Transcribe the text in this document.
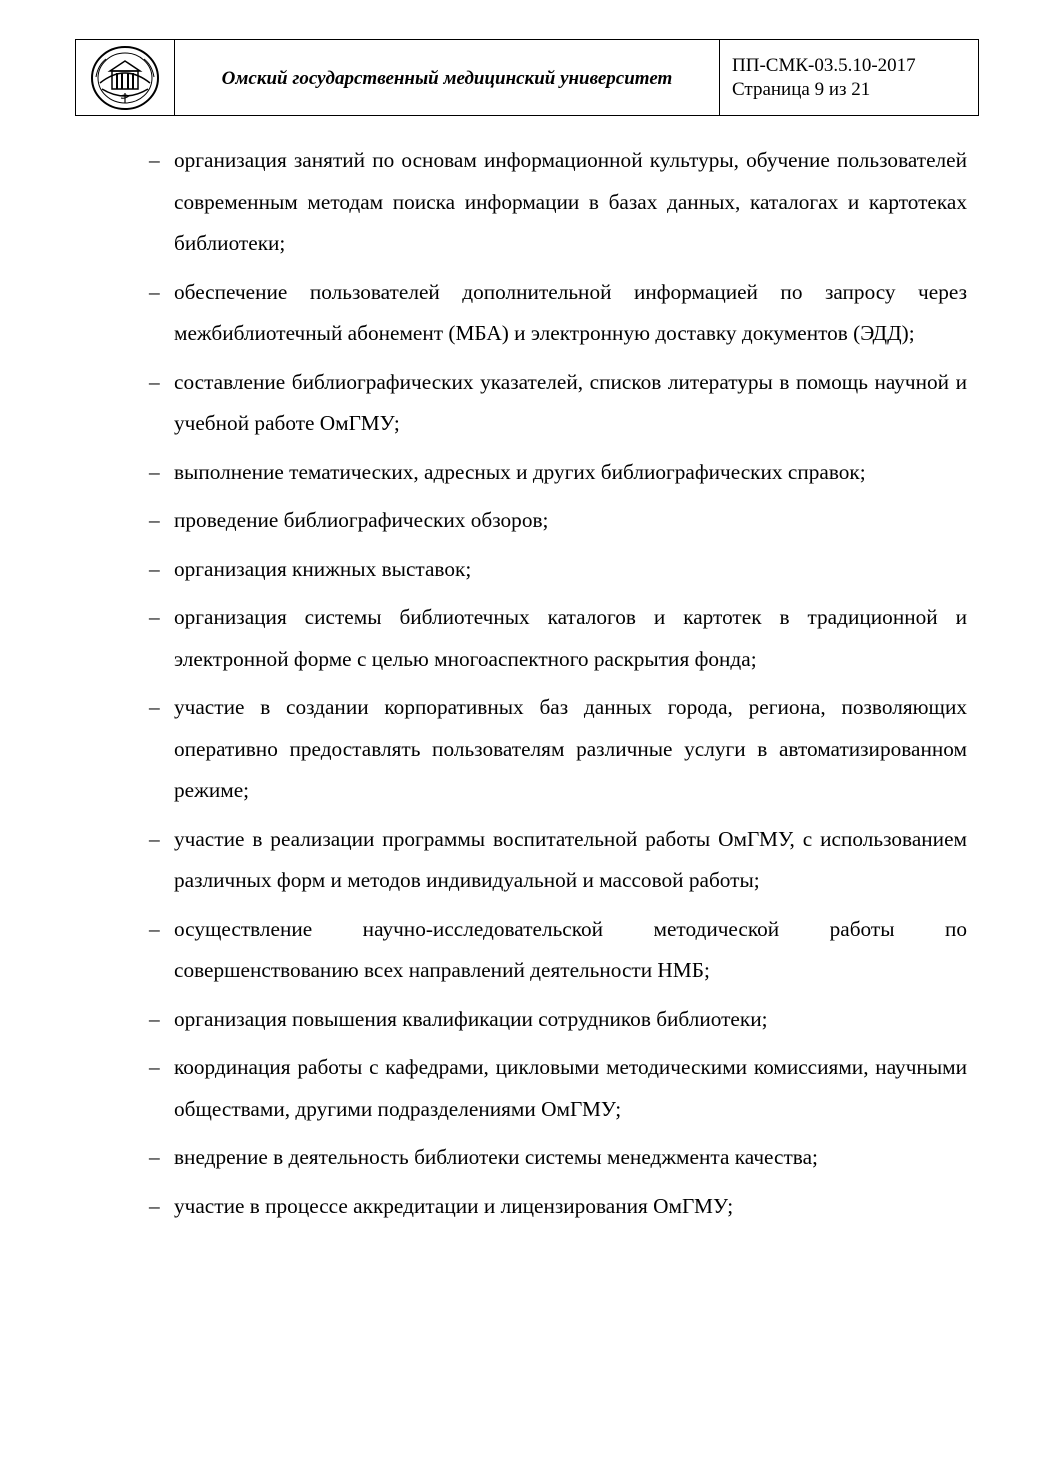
Омский государственный медицинский университет
ПП-СМК-03.5.10-2017
Страница 9 из 21
– организация занятий по основам информационной культуры, обучение пользователей современным методам поиска информации в базах данных, каталогах и картотеках библиотеки;
– обеспечение пользователей дополнительной информацией по запросу через межбиблиотечный абонемент (МБА) и электронную доставку документов (ЭДД);
– составление библиографических указателей, списков литературы в помощь научной и учебной работе ОмГМУ;
– выполнение тематических, адресных и других библиографических справок;
– проведение библиографических обзоров;
– организация книжных выставок;
– организация системы библиотечных каталогов и картотек в традиционной и электронной форме с целью многоаспектного раскрытия фонда;
– участие в создании корпоративных баз данных города, региона, позволяющих оперативно предоставлять пользователям различные услуги в автоматизированном режиме;
– участие в реализации программы воспитательной работы ОмГМУ, с использованием различных форм и методов индивидуальной и массовой работы;
– осуществление научно-исследовательской методической работы по совершенствованию всех направлений деятельности НМБ;
– организация повышения квалификации сотрудников библиотеки;
– координация работы с кафедрами, цикловыми методическими комиссиями, научными обществами, другими подразделениями ОмГМУ;
– внедрение в деятельность библиотеки системы менеджмента качества;
– участие в процессе аккредитации и лицензирования ОмГМУ;
